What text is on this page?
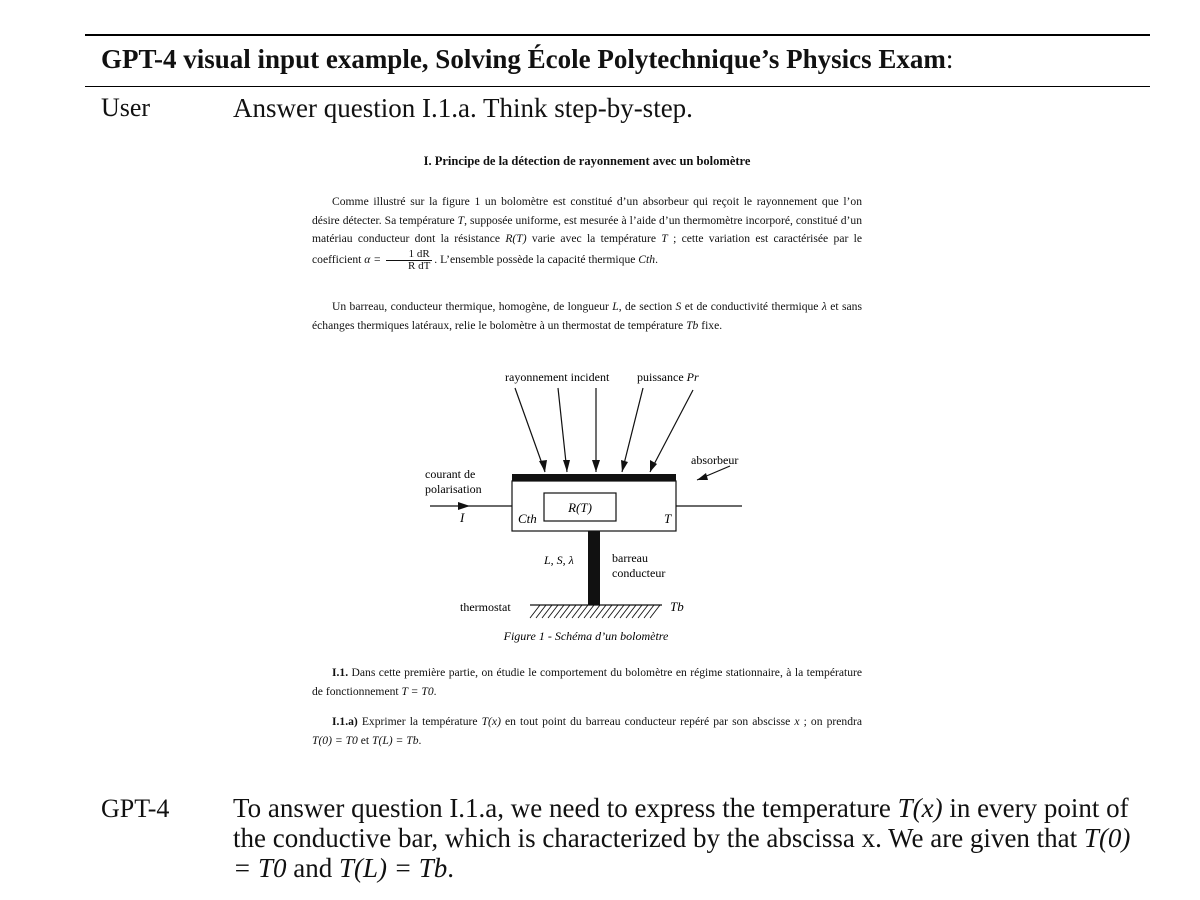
GPT-4 visual input example, Solving École Polytechnique’s Physics Exam:
User	Answer question I.1.a. Think step-by-step.
I. Principe de la détection de rayonnement avec un bolomètre
Comme illustré sur la figure 1 un bolomètre est constitué d’un absorbeur qui reçoit le rayonnement que l’on désire détecter. Sa température T, supposée uniforme, est mesurée à l’aide d’un thermomètre incorporé, constitué d’un matériau conducteur dont la résistance R(T) varie avec la température T ; cette variation est caractérisée par le coefficient $\alpha = \frac{1 dR}{\text{R dT}}$ . L’ensemble possède la capacité thermique Cth.
Un barreau, conducteur thermique, homogène, de longueur L, de section S et de conductivité thermique λ et sans échanges thermiques latéraux, relie le bolomètre à un thermostat de température Tb fixe.
rayonnement incident puissance Pr
absorbeur
R(T)
Cth	T
I
courant de
polarisation
L, S, λ	barreau
conducteur
thermostat	Tb
Figure 1 - Schéma d’un bolomètre
I.1. Dans cette première partie, on étudie le comportement du bolomètre en régime stationnaire, à la température de fonctionnement T = T0.
I.1.a) Exprimer la température T(x) en tout point du barreau conducteur repéré par son abscisse x ; on prendra T(0) = T0 et T(L) = Tb.
GPT-4 To answer question I.1.a, we need to express the temperature T(x) in every point of the conductive bar, which is characterized by the abscissa x. We are given that T(0) = T0 and T(L) = Tb.
